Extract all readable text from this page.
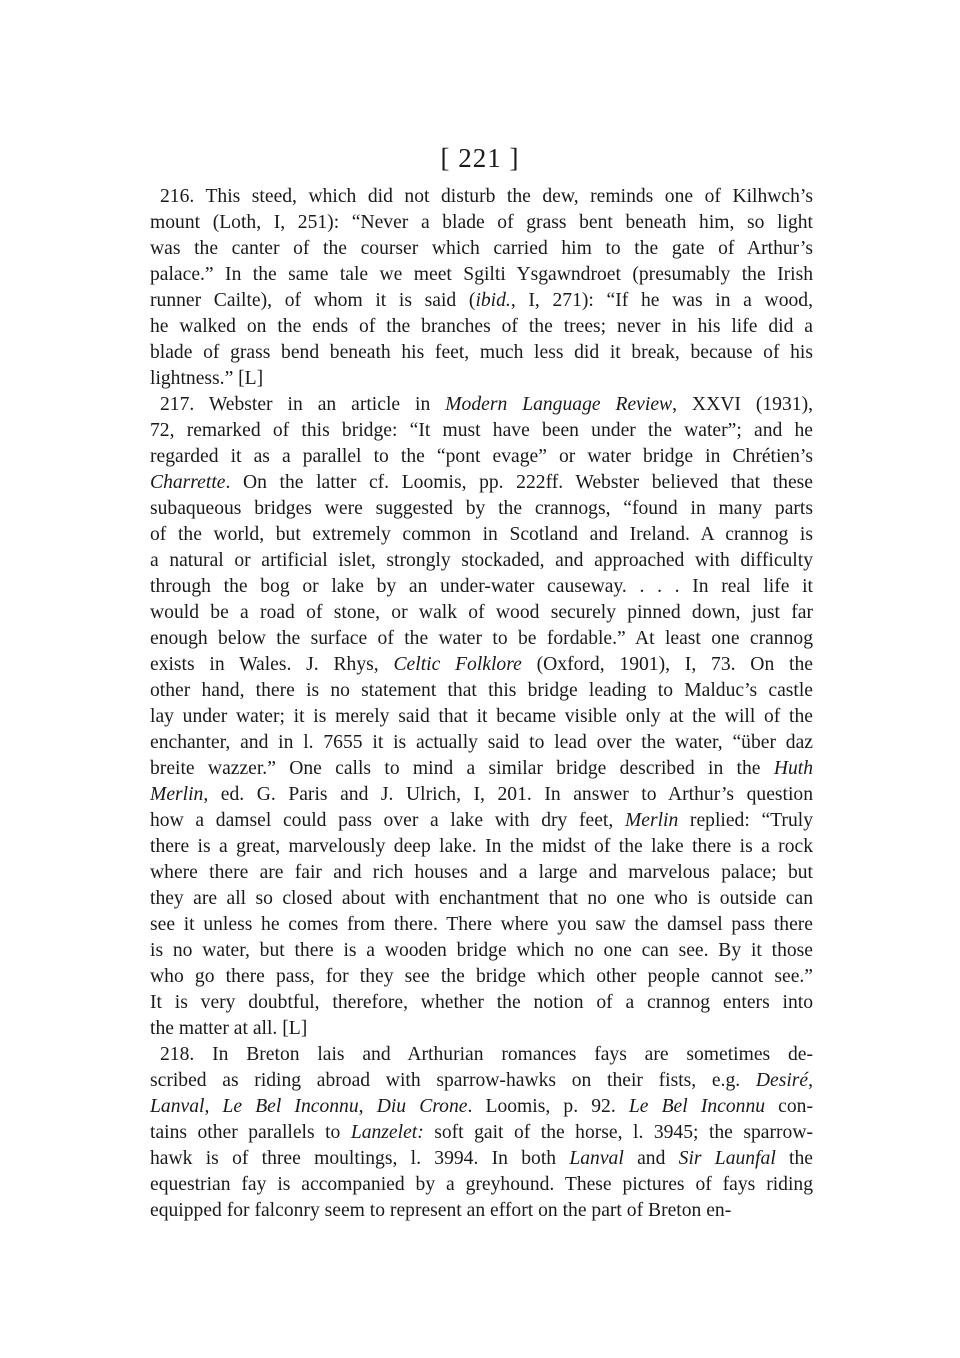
[ 221 ]
216. This steed, which did not disturb the dew, reminds one of Kilhwch’s
mount (Loth, I, 251): “Never a blade of grass bent beneath him, so light
was the canter of the courser which carried him to the gate of Arthur’s
palace.” In the same tale we meet Sgilti Ysgawndroet (presumably the Irish
runner Cailte), of whom it is said (ibid., I, 271): “If he was in a wood,
he walked on the ends of the branches of the trees; never in his life did a
blade of grass bend beneath his feet, much less did it break, because of his
lightness.” [L]
217. Webster in an article in Modern Language Review, XXVI (1931),
72, remarked of this bridge: “It must have been under the water”; and he
regarded it as a parallel to the “pont evage” or water bridge in Chrétien’s
Charrette. On the latter cf. Loomis, pp. 222ff. Webster believed that these
subaqueous bridges were suggested by the crannogs, “found in many parts
of the world, but extremely common in Scotland and Ireland. A crannog is
a natural or artificial islet, strongly stockaded, and approached with difficulty
through the bog or lake by an under-water causeway. . . . In real life it
would be a road of stone, or walk of wood securely pinned down, just far
enough below the surface of the water to be fordable.” At least one crannog
exists in Wales. J. Rhys, Celtic Folklore (Oxford, 1901), I, 73. On the
other hand, there is no statement that this bridge leading to Malduc’s castle
lay under water; it is merely said that it became visible only at the will of the
enchanter, and in l. 7655 it is actually said to lead over the water, “über daz
breite wazzer.” One calls to mind a similar bridge described in the Huth
Merlin, ed. G. Paris and J. Ulrich, I, 201. In answer to Arthur’s question
how a damsel could pass over a lake with dry feet, Merlin replied: “Truly
there is a great, marvelously deep lake. In the midst of the lake there is a rock
where there are fair and rich houses and a large and marvelous palace; but
they are all so closed about with enchantment that no one who is outside can
see it unless he comes from there. There where you saw the damsel pass there
is no water, but there is a wooden bridge which no one can see. By it those
who go there pass, for they see the bridge which other people cannot see.”
It is very doubtful, therefore, whether the notion of a crannog enters into
the matter at all. [L]
218. In Breton lais and Arthurian romances fays are sometimes de-
scribed as riding abroad with sparrow-hawks on their fists, e.g. Desiré,
Lanval, Le Bel Inconnu, Diu Crone. Loomis, p. 92. Le Bel Inconnu con-
tains other parallels to Lanzelet: soft gait of the horse, l. 3945; the sparrow-
hawk is of three moultings, l. 3994. In both Lanval and Sir Launfal the
equestrian fay is accompanied by a greyhound. These pictures of fays riding
equipped for falconry seem to represent an effort on the part of Breton en-
